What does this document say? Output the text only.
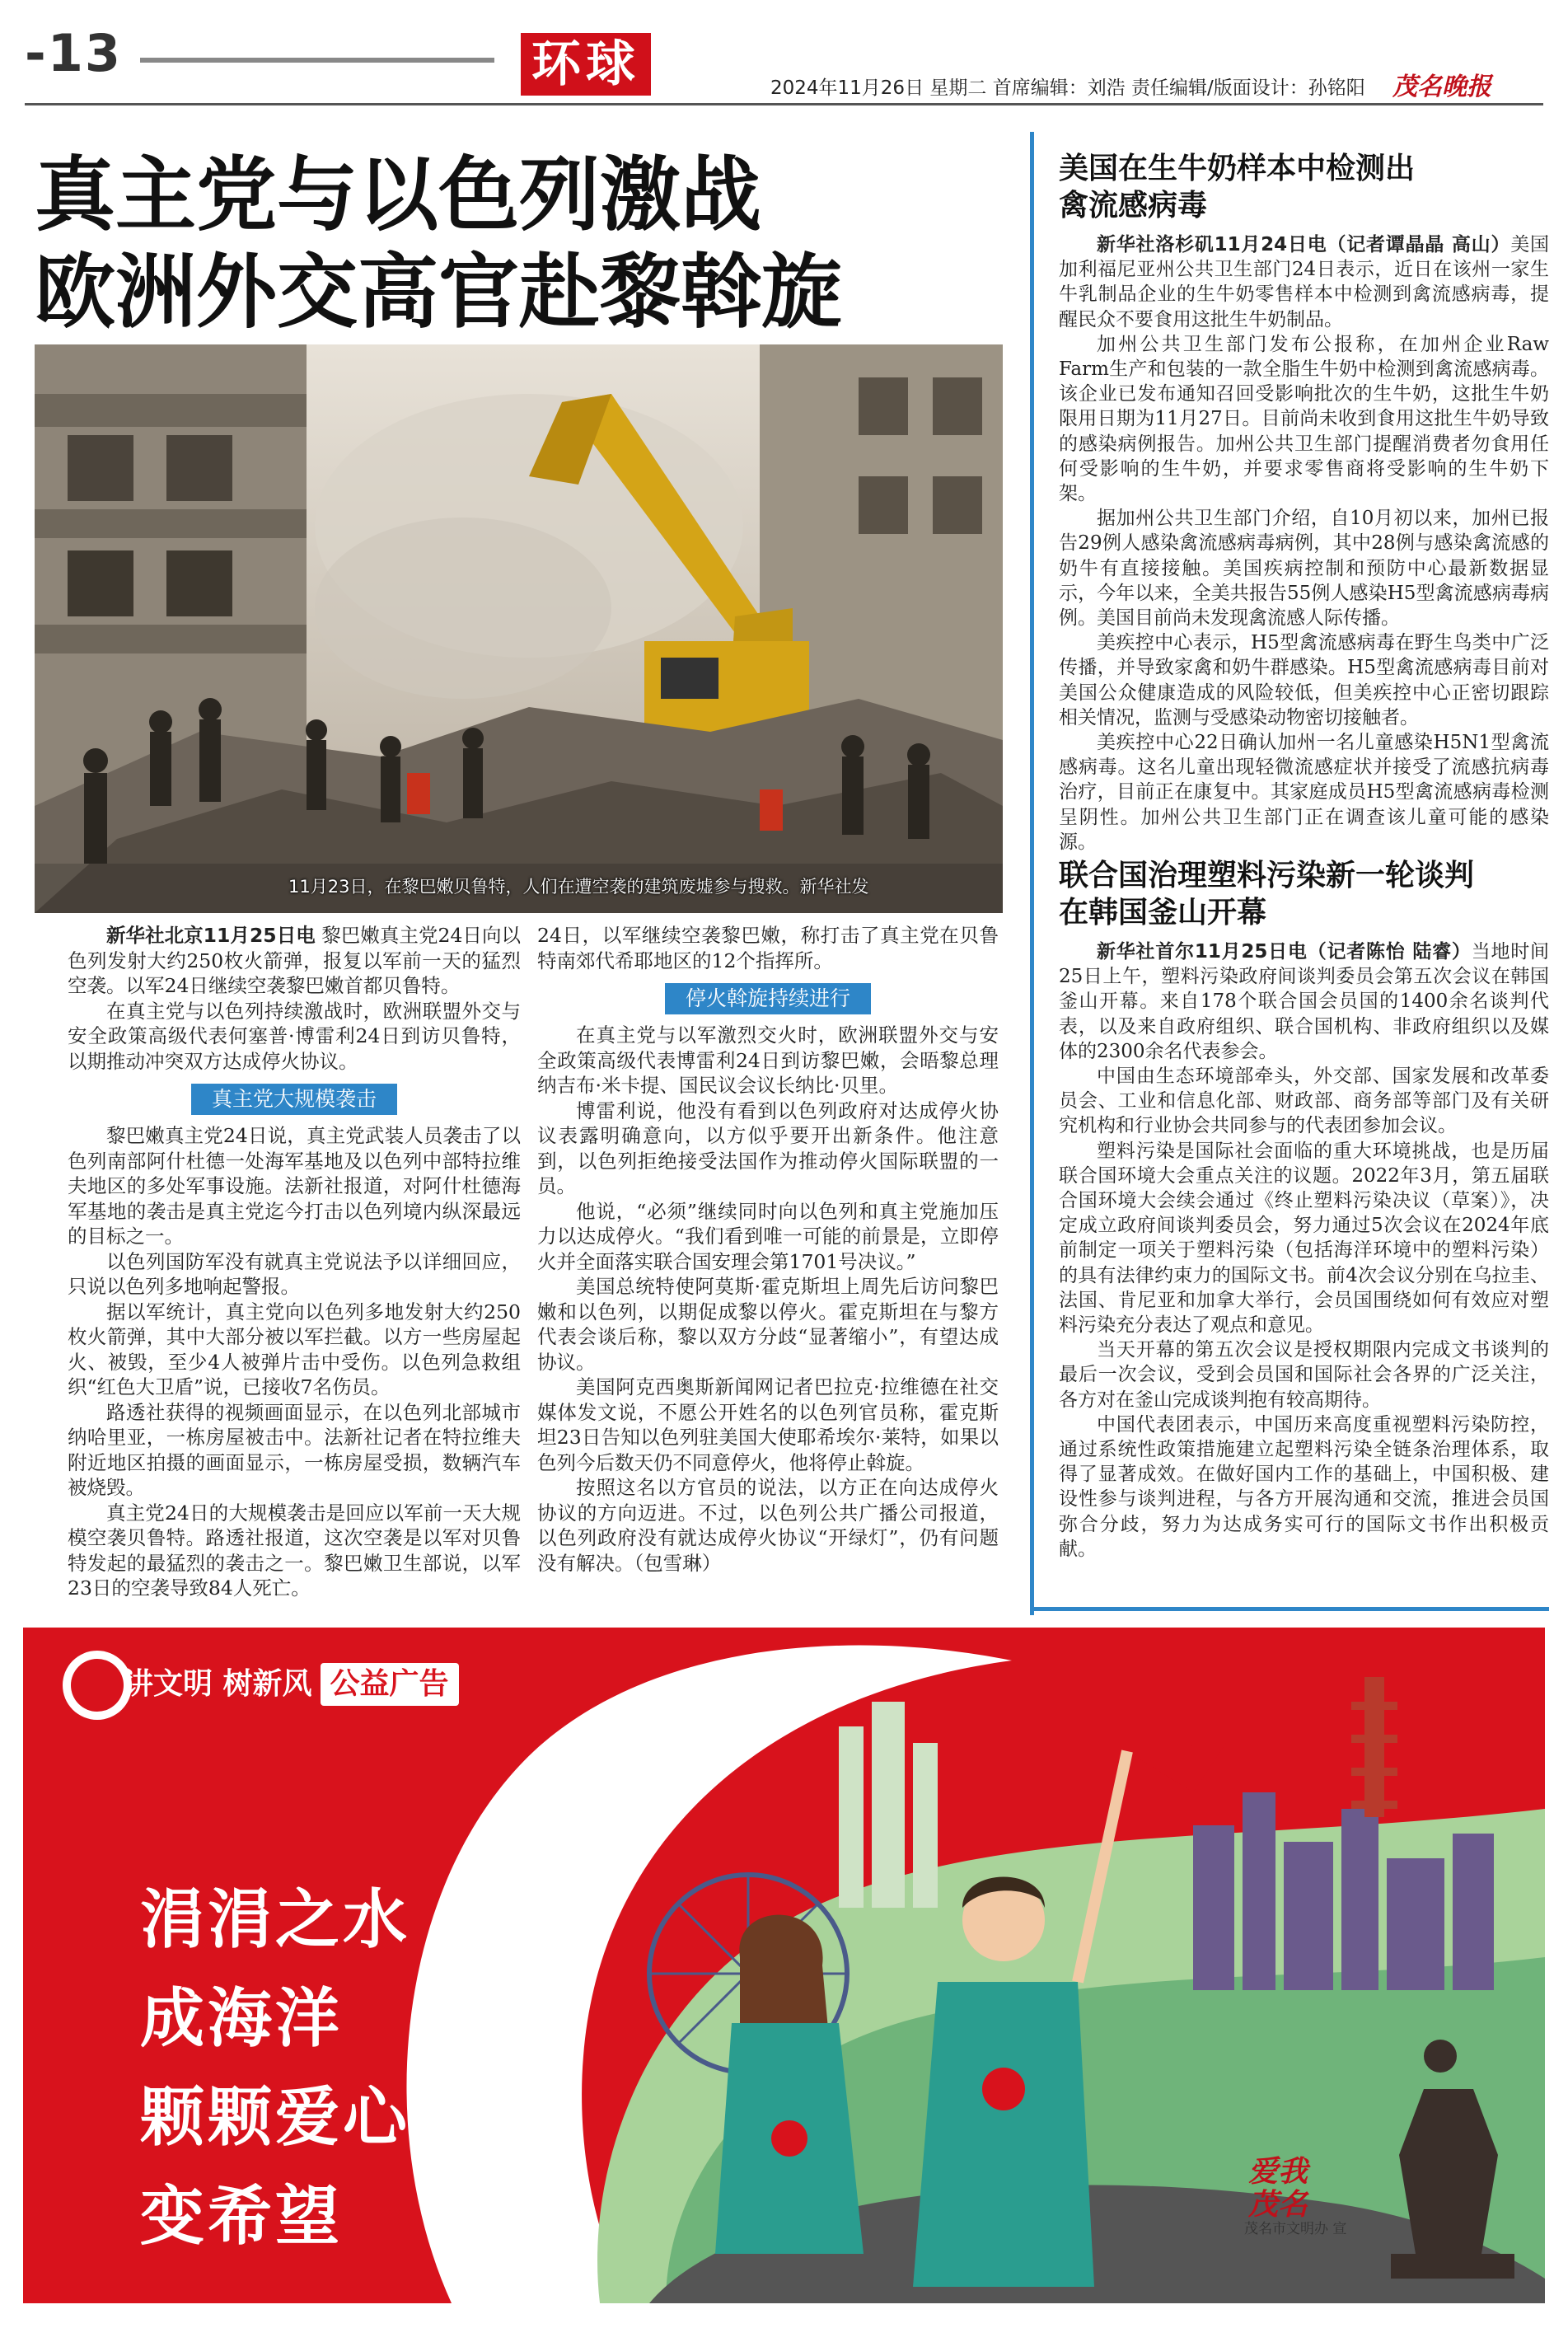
-13	环球	2024年11月26日 星期二 首席编辑：刘浩 责任编辑/版面设计：孙铭阳 茂名晚报
真主党与以色列激战
欧洲外交高官赴黎斡旋
11月23日，在黎巴嫩贝鲁特，人们在遭空袭的建筑废墟参与搜救。新华社发

新华社北京11月25日电 黎巴嫩真主党24日向以色列发射大约250枚火箭弹，报复以军前一天的猛烈空袭。以军24日继续空袭黎巴嫩首都贝鲁特。

在真主党与以色列持续激战时，欧洲联盟外交与安全政策高级代表何塞普·博雷利24日到访贝鲁特，以期推动冲突双方达成停火协议。

真主党大规模袭击

黎巴嫩真主党24日说，真主党武装人员袭击了以色列南部阿什杜德一处海军基地及以色列中部特拉维夫地区的多处军事设施。法新社报道，对阿什杜德海军基地的袭击是真主党迄今打击以色列境内纵深最远的目标之一。

以色列国防军没有就真主党说法予以详细回应，只说以色列多地响起警报。

据以军统计，真主党向以色列多地发射大约250枚火箭弹，其中大部分被以军拦截。以方一些房屋起火、被毁，至少4人被弹片击中受伤。以色列急救组织“红色大卫盾”说，已接收7名伤员。

路透社获得的视频画面显示，在以色列北部城市纳哈里亚，一栋房屋被击中。法新社记者在特拉维夫附近地区拍摄的画面显示，一栋房屋受损，数辆汽车被烧毁。

真主党24日的大规模袭击是回应以军前一天大规模空袭贝鲁特。路透社报道，这次空袭是以军对贝鲁特发起的最猛烈的袭击之一。黎巴嫩卫生部说，以军23日的空袭导致84人死亡。

24日，以军继续空袭黎巴嫩，称打击了真主党在贝鲁特南郊代希耶地区的12个指挥所。

停火斡旋持续进行

在真主党与以军激烈交火时，欧洲联盟外交与安全政策高级代表博雷利24日到访黎巴嫩，会晤黎总理纳吉布·米卡提、国民议会议长纳比·贝里。

博雷利说，他没有看到以色列政府对达成停火协议表露明确意向，以方似乎要开出新条件。他注意到，以色列拒绝接受法国作为推动停火国际联盟的一员。

他说，“必须”继续同时向以色列和真主党施加压力以达成停火。“我们看到唯一可能的前景是，立即停火并全面落实联合国安理会第1701号决议。”

美国总统特使阿莫斯·霍克斯坦上周先后访问黎巴嫩和以色列，以期促成黎以停火。霍克斯坦在与黎方代表会谈后称，黎以双方分歧“显著缩小”，有望达成协议。

美国阿克西奥斯新闻网记者巴拉克·拉维德在社交媒体发文说，不愿公开姓名的以色列官员称，霍克斯坦23日告知以色列驻美国大使耶希埃尔·莱特，如果以色列今后数天仍不同意停火，他将停止斡旋。

按照这名以方官员的说法，以方正在向达成停火协议的方向迈进。不过，以色列公共广播公司报道，以色列政府没有就达成停火协议“开绿灯”，仍有问题没有解决。（包雪琳）

美国在生牛奶样本中检测出
禽流感病毒

新华社洛杉矶11月24日电（记者谭晶晶 高山）美国加利福尼亚州公共卫生部门24日表示，近日在该州一家生牛乳制品企业的生牛奶零售样本中检测到禽流感病毒，提醒民众不要食用这批生牛奶制品。

加州公共卫生部门发布公报称，在加州企业Raw Farm生产和包装的一款全脂生牛奶中检测到禽流感病毒。该企业已发布通知召回受影响批次的生牛奶，这批生牛奶限用日期为11月27日。目前尚未收到食用这批生牛奶导致的感染病例报告。加州公共卫生部门提醒消费者勿食用任何受影响的生牛奶，并要求零售商将受影响的生牛奶下架。

据加州公共卫生部门介绍，自10月初以来，加州已报告29例人感染禽流感病毒病例，其中28例与感染禽流感的奶牛有直接接触。美国疾病控制和预防中心最新数据显示，今年以来，全美共报告55例人感染H5型禽流感病毒病例。美国目前尚未发现禽流感人际传播。

美疾控中心表示，H5型禽流感病毒在野生鸟类中广泛传播，并导致家禽和奶牛群感染。H5型禽流感病毒目前对美国公众健康造成的风险较低，但美疾控中心正密切跟踪相关情况，监测与受感染动物密切接触者。

美疾控中心22日确认加州一名儿童感染H5N1型禽流感病毒。这名儿童出现轻微流感症状并接受了流感抗病毒治疗，目前正在康复中。其家庭成员H5型禽流感病毒检测呈阴性。加州公共卫生部门正在调查该儿童可能的感染源。

联合国治理塑料污染新一轮谈判
在韩国釜山开幕

新华社首尔11月25日电（记者陈怡 陆睿）当地时间25日上午，塑料污染政府间谈判委员会第五次会议在韩国釜山开幕。来自178个联合国会员国的1400余名谈判代表，以及来自政府组织、联合国机构、非政府组织以及媒体的2300余名代表参会。

中国由生态环境部牵头，外交部、国家发展和改革委员会、工业和信息化部、财政部、商务部等部门及有关研究机构和行业协会共同参与的代表团参加会议。

塑料污染是国际社会面临的重大环境挑战，也是历届联合国环境大会重点关注的议题。2022年3月，第五届联合国环境大会续会通过《终止塑料污染决议（草案）》，决定成立政府间谈判委员会，努力通过5次会议在2024年底前制定一项关于塑料污染（包括海洋环境中的塑料污染）的具有法律约束力的国际文书。前4次会议分别在乌拉圭、法国、肯尼亚和加拿大举行，会员国围绕如何有效应对塑料污染充分表达了观点和意见。

当天开幕的第五次会议是授权期限内完成文书谈判的最后一次会议，受到会员国和国际社会各界的广泛关注，各方对在釜山完成谈判抱有较高期待。

中国代表团表示，中国历来高度重视塑料污染防控，通过系统性政策措施建立起塑料污染全链条治理体系，取得了显著成效。在做好国内工作的基础上，中国积极、建设性参与谈判进程，与各方开展沟通和交流，推进会员国弥合分歧，努力为达成务实可行的国际文书作出积极贡献。

讲文明 树新风 公益广告
涓涓之水
成海洋
颗颗爱心
变希望
爱我
茂名
茂名市文明办 宣
